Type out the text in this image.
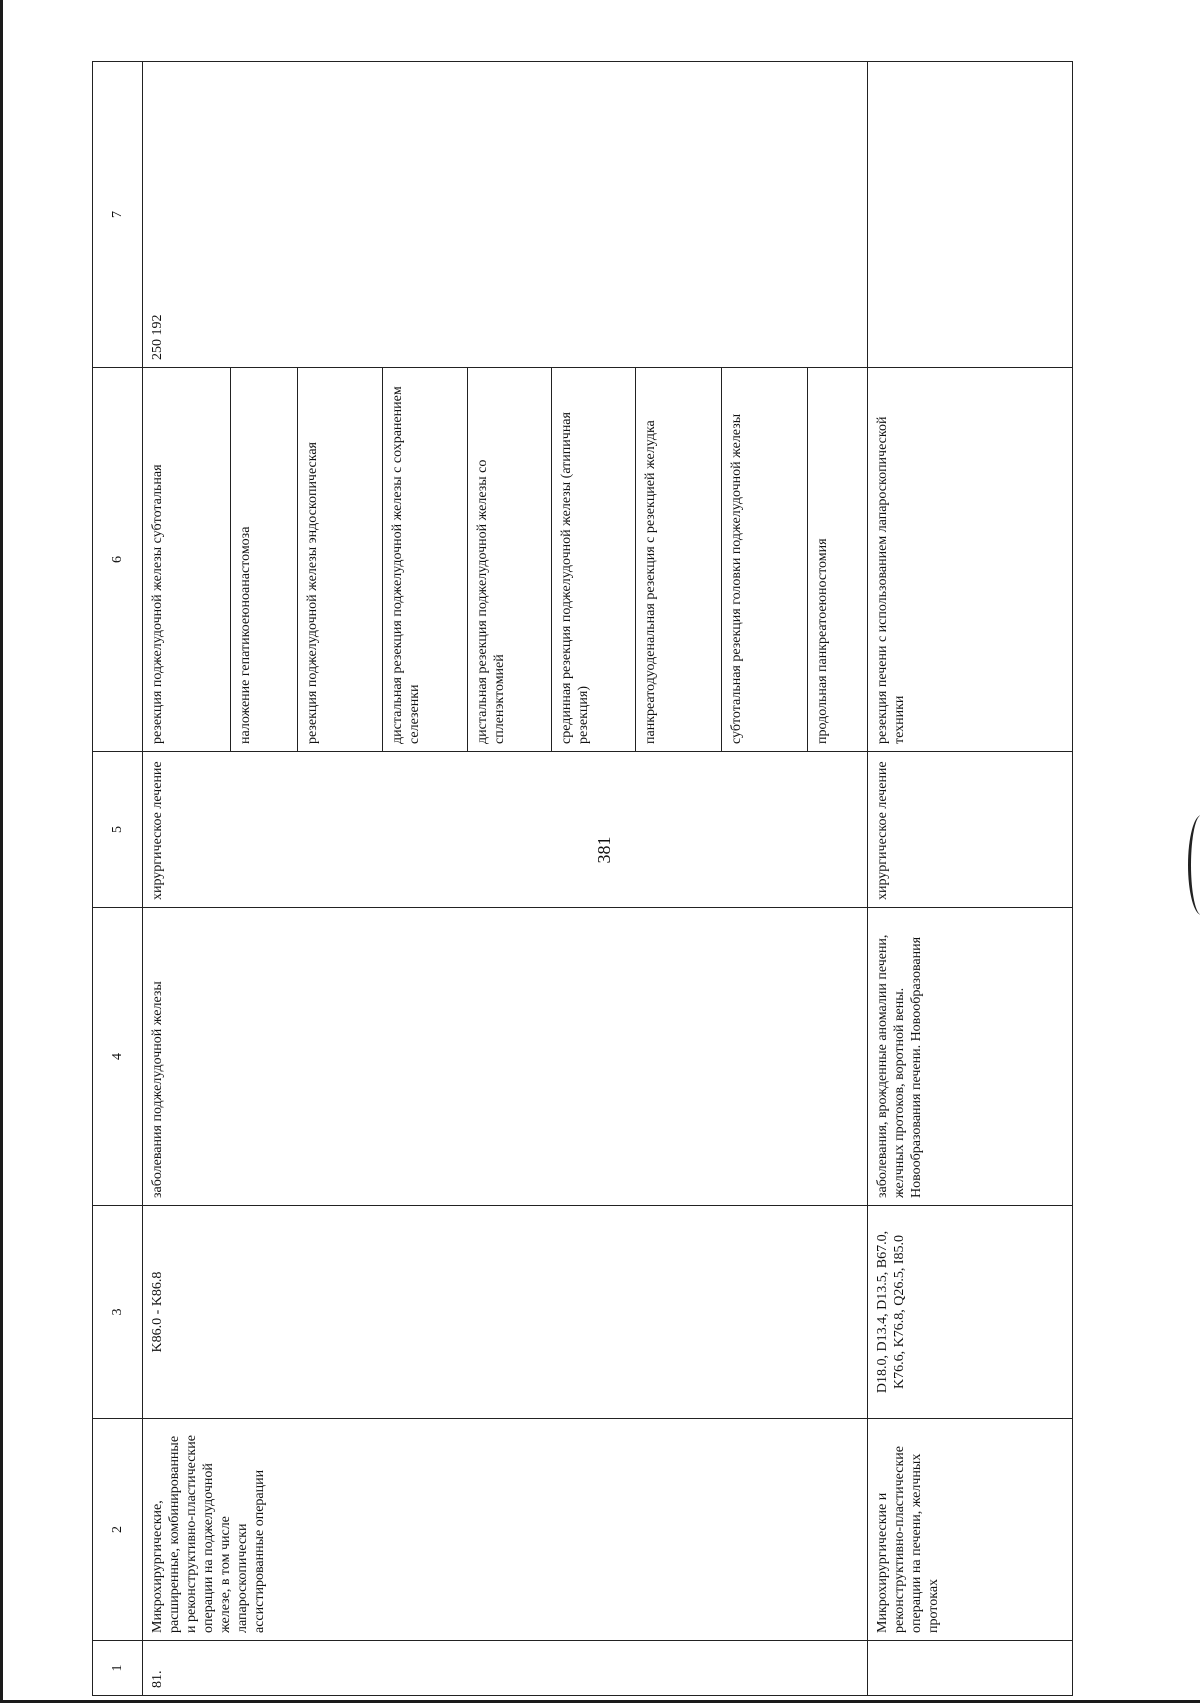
381
1	2	3	4	5	6	7
81.	Микрохирургические, расширенные, комбинированные и реконструктивно-пластические операции на поджелудочной железе, в том числе лапароскопически ассистированные операции	K86.0 - K86.8	заболевания поджелудочной железы	хирургическое лечение	резекция поджелудочной железы субтотальная	250 192
					наложение гепатикоеюноанастомоза	
					резекция поджелудочной железы эндоскопическая	
					дистальная резекция поджелудочной железы с сохранением селезенки	
					дистальная резекция поджелудочной железы со спленэктомией	
					срединная резекция поджелудочной железы (атипичная резекция)	
					панкреатодуоденальная резекция с резекцией желудка	
					субтотальная резекция головки поджелудочной железы	
					продольная панкреатоеюностомия	
	Микрохирургические и реконструктивно-пластические операции на печени, желчных протоках	D18.0, D13.4, D13.5, B67.0, K76.6, K76.8, Q26.5, I85.0	заболевания, врожденные аномалии печени, желчных протоков, воротной вены. Новообразования печени. Новообразования	хирургическое лечение	резекция печени с использованием лапароскопической техники	
